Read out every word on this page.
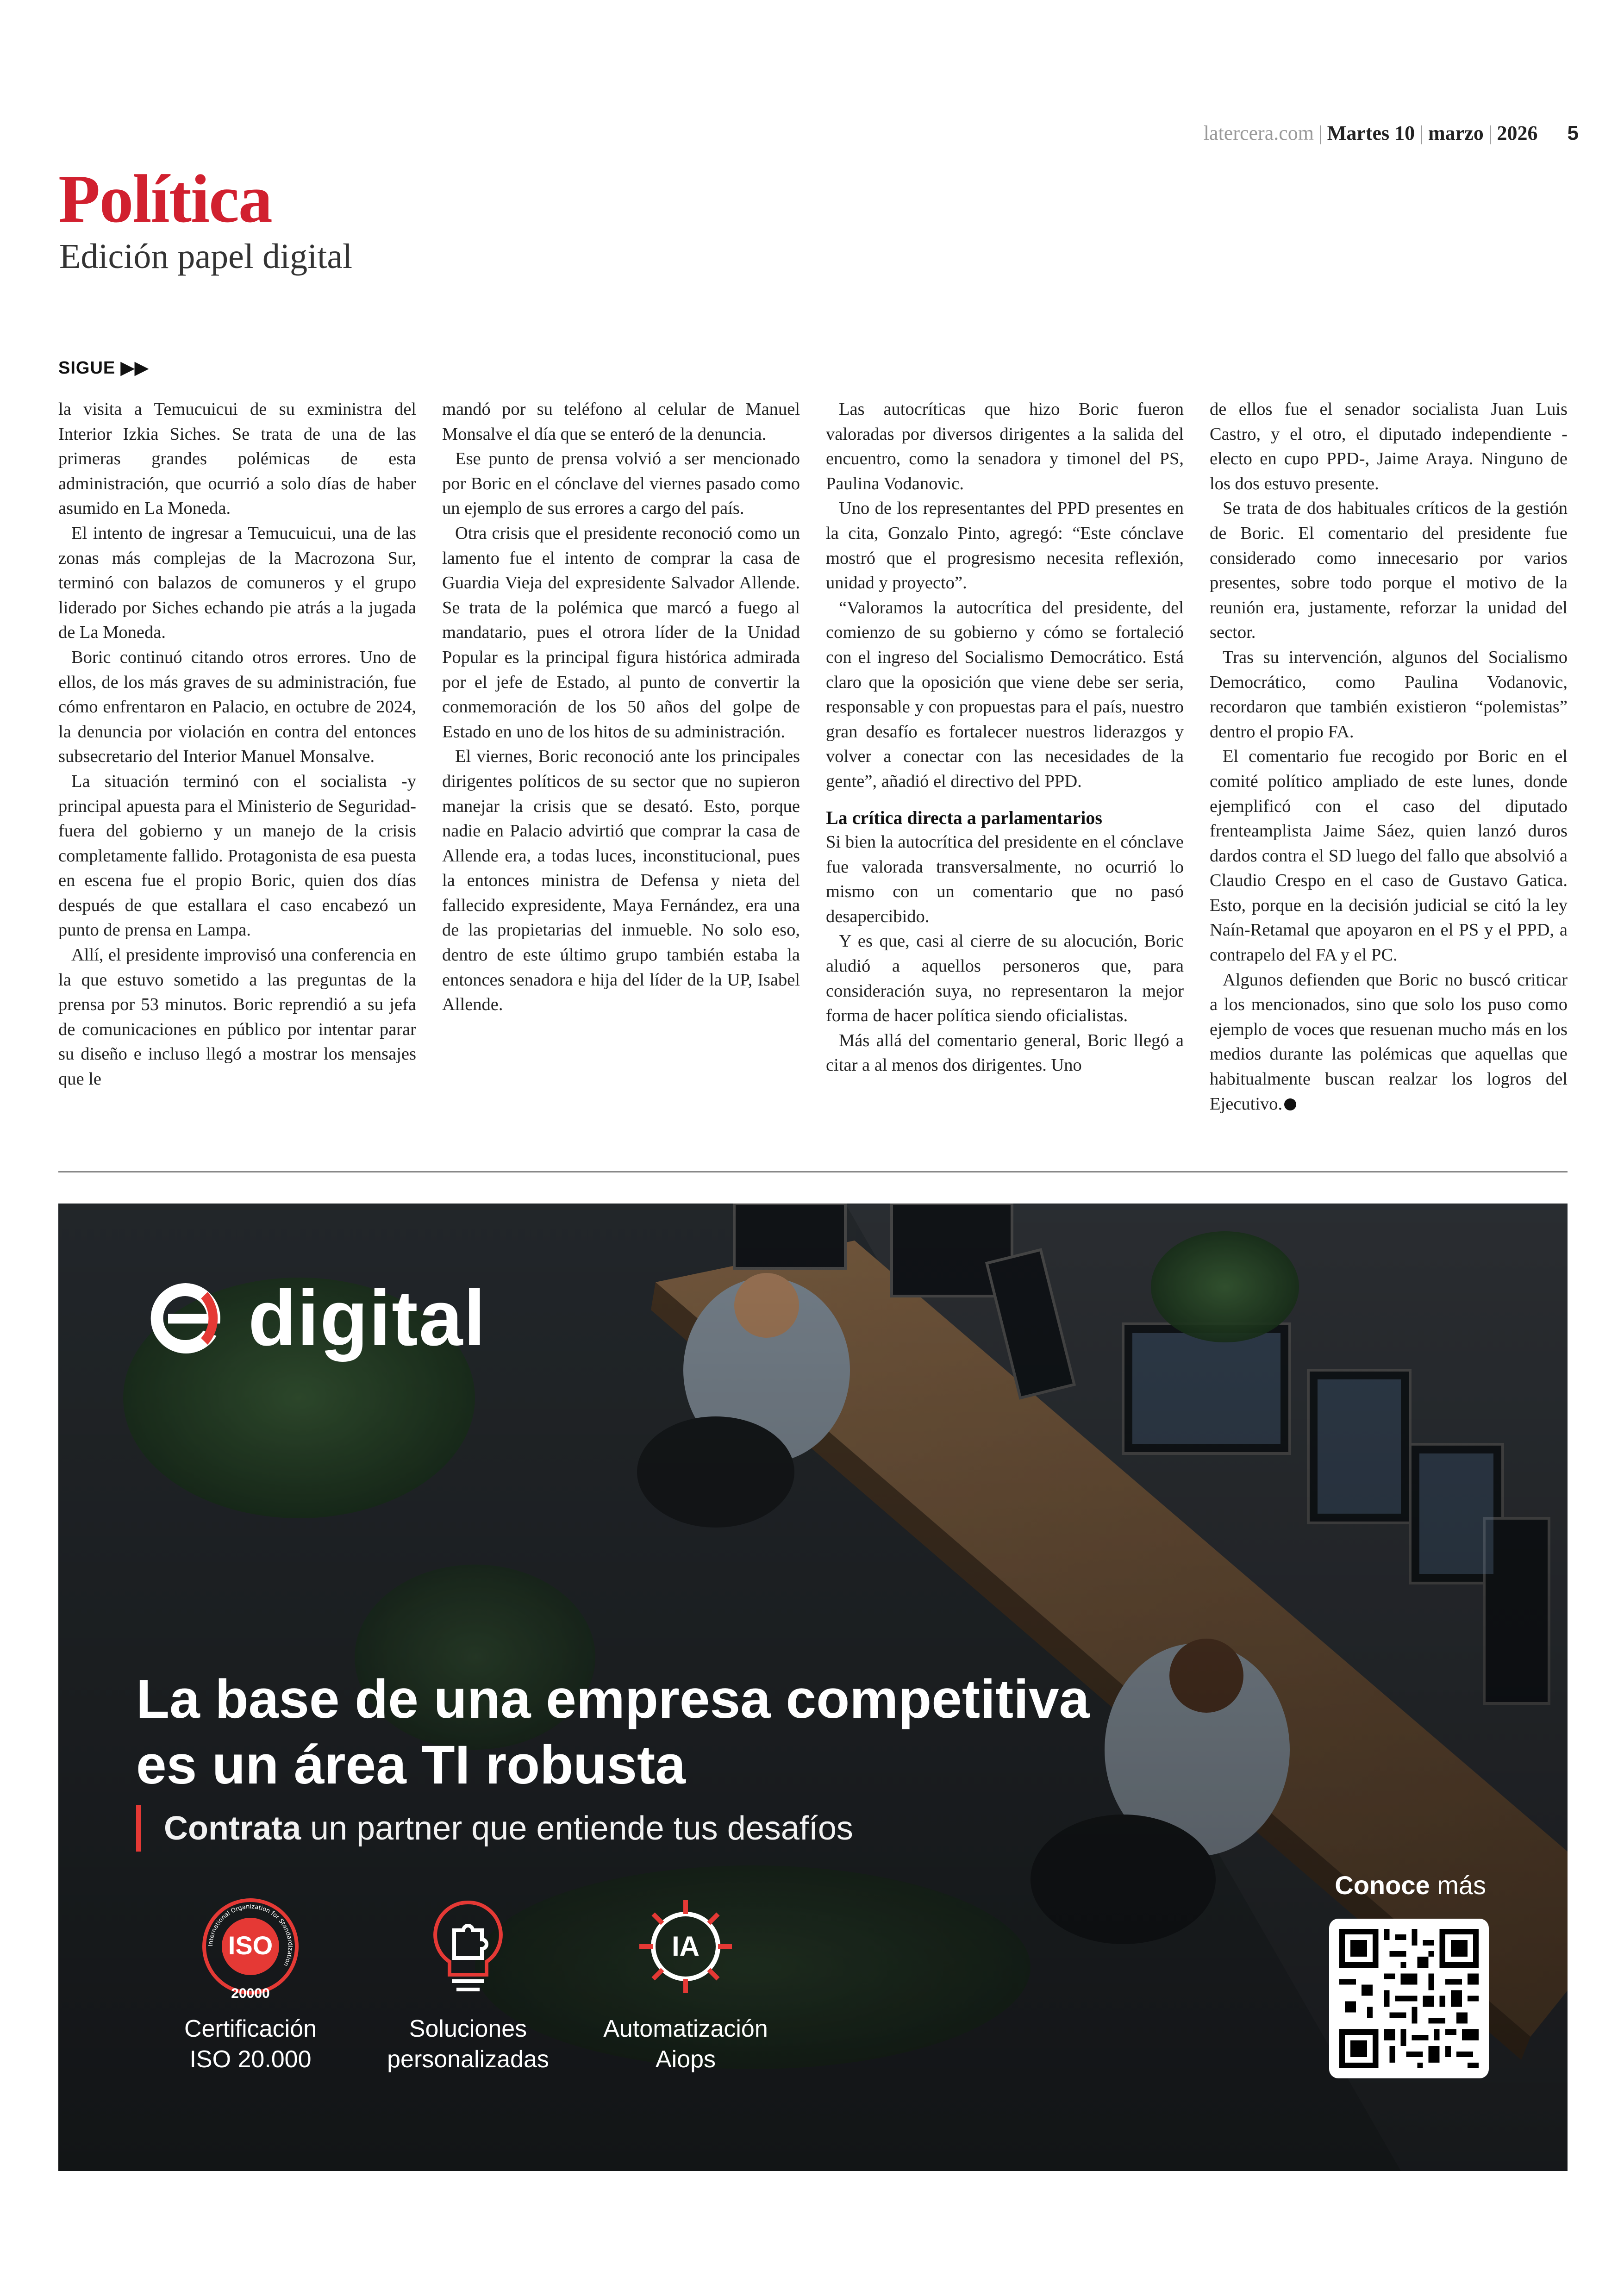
latercera.com | Martes 10 | marzo | 2026 5
Política
Edición papel digital
SIGUE ▶▶

la visita a Temucuicui de su exministra del Interior Izkia Siches. Se trata de una de las primeras grandes polémicas de esta administración, que ocurrió a solo días de haber asumido en La Moneda.

El intento de ingresar a Temucuicui, una de las zonas más complejas de la Macrozona Sur, terminó con balazos de comuneros y el grupo liderado por Siches echando pie atrás a la jugada de La Moneda.

Boric continuó citando otros errores. Uno de ellos, de los más graves de su administración, fue cómo enfrentaron en Palacio, en octubre de 2024, la denuncia por violación en contra del entonces subsecretario del Interior Manuel Monsalve.

La situación terminó con el socialista -y principal apuesta para el Ministerio de Seguridad- fuera del gobierno y un manejo de la crisis completamente fallido. Protagonista de esa puesta en escena fue el propio Boric, quien dos días después de que estallara el caso encabezó un punto de prensa en Lampa.

Allí, el presidente improvisó una conferencia en la que estuvo sometido a las preguntas de la prensa por 53 minutos. Boric reprendió a su jefa de comunicaciones en público por intentar parar su diseño e incluso llegó a mostrar los mensajes que le

mandó por su teléfono al celular de Manuel Monsalve el día que se enteró de la denuncia.

Ese punto de prensa volvió a ser mencionado por Boric en el cónclave del viernes pasado como un ejemplo de sus errores a cargo del país.

Otra crisis que el presidente reconoció como un lamento fue el intento de comprar la casa de Guardia Vieja del expresidente Salvador Allende. Se trata de la polémica que marcó a fuego al mandatario, pues el otrora líder de la Unidad Popular es la principal figura histórica admirada por el jefe de Estado, al punto de convertir la conmemoración de los 50 años del golpe de Estado en uno de los hitos de su administración.

El viernes, Boric reconoció ante los principales dirigentes políticos de su sector que no supieron manejar la crisis que se desató. Esto, porque nadie en Palacio advirtió que comprar la casa de Allende era, a todas luces, inconstitucional, pues la entonces ministra de Defensa y nieta del fallecido expresidente, Maya Fernández, era una de las propietarias del inmueble. No solo eso, dentro de este último grupo también estaba la entonces senadora e hija del líder de la UP, Isabel Allende.

Las autocríticas que hizo Boric fueron valoradas por diversos dirigentes a la salida del encuentro, como la senadora y timonel del PS, Paulina Vodanovic.

Uno de los representantes del PPD presentes en la cita, Gonzalo Pinto, agregó: “Este cónclave mostró que el progresismo necesita reflexión, unidad y proyecto”.

“Valoramos la autocrítica del presidente, del comienzo de su gobierno y cómo se fortaleció con el ingreso del Socialismo Democrático. Está claro que la oposición que viene debe ser seria, responsable y con propuestas para el país, nuestro gran desafío es fortalecer nuestros liderazgos y volver a conectar con las necesidades de la gente”, añadió el directivo del PPD.

La crítica directa a parlamentarios

Si bien la autocrítica del presidente en el cónclave fue valorada transversalmente, no ocurrió lo mismo con un comentario que no pasó desapercibido.

Y es que, casi al cierre de su alocución, Boric aludió a aquellos personeros que, para consideración suya, no representaron la mejor forma de hacer política siendo oficialistas.

Más allá del comentario general, Boric llegó a citar a al menos dos dirigentes. Uno

de ellos fue el senador socialista Juan Luis Castro, y el otro, el diputado independiente -electo en cupo PPD-, Jaime Araya. Ninguno de los dos estuvo presente.

Se trata de dos habituales críticos de la gestión de Boric. El comentario del presidente fue considerado como innecesario por varios presentes, sobre todo porque el motivo de la reunión era, justamente, reforzar la unidad del sector.

Tras su intervención, algunos del Socialismo Democrático, como Paulina Vodanovic, recordaron que también existieron “polemistas” dentro el propio FA.

El comentario fue recogido por Boric en el comité político ampliado de este lunes, donde ejemplificó con el caso del diputado frenteamplista Jaime Sáez, quien lanzó duros dardos contra el SD luego del fallo que absolvió a Claudio Crespo en el caso de Gustavo Gatica. Esto, porque en la decisión judicial se citó la ley Naín-Retamal que apoyaron en el PS y el PPD, a contrapelo del FA y el PC.

Algunos defienden que Boric no buscó criticar a los mencionados, sino que solo los puso como ejemplo de voces que resuenan mucho más en los medios durante las polémicas que aquellas que habitualmente buscan realzar los logros del Ejecutivo.

digital
La base de una empresa competitiva
es un área TI robusta
Contrata un partner que entiende tus desafíos
International Organization for Standardization
ISO
20000
Certificación
ISO 20.000
Soluciones
personalizadas
IA
Automatización
Aiops
Conoce más
